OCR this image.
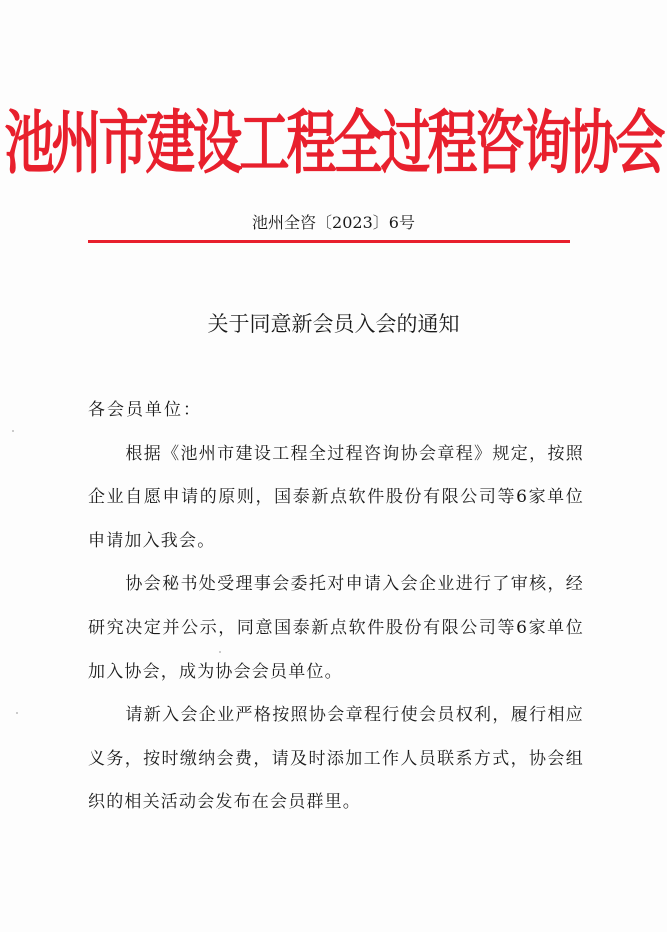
池州市建设工程全过程咨询协会
池州全咨〔2023〕6号
关于同意新会员入会的通知

各会员单位：

根据《池州市建设工程全过程咨询协会章程》规定，按照企业自愿申请的原则，国泰新点软件股份有限公司等6家单位申请加入我会。

协会秘书处受理事会委托对申请入会企业进行了审核，经研究决定并公示，同意国泰新点软件股份有限公司等6家单位加入协会，成为协会会员单位。

请新入会企业严格按照协会章程行使会员权利，履行相应义务，按时缴纳会费，请及时添加工作人员联系方式，协会组织的相关活动会发布在会员群里。
